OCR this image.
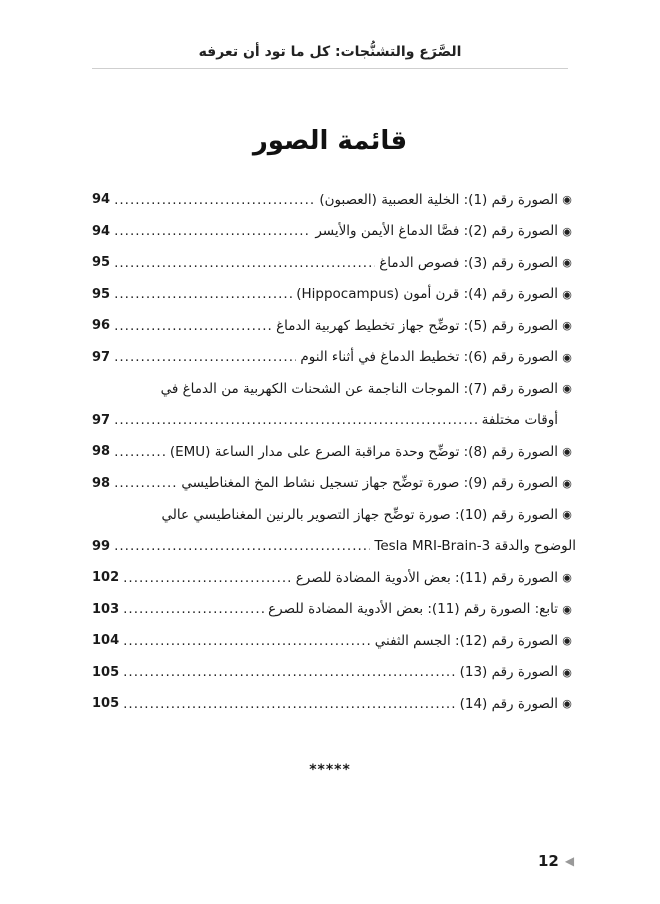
الصَّرَع والتشنُّجات: كل ما تود أن تعرفه
قائمة الصور
◉
الصورة رقم (1): الخلية العصبية (العصبون)
.....
94
◉
الصورة رقم (2): فصَّا الدماغ الأيمن والأيسر
.....
94
◉
الصورة رقم (3): فصوص الدماغ
.....
95
◉
الصورة رقم (4): قرن أمون (Hippocampus)
.....
95
◉
الصورة رقم (5): توضِّح جهاز تخطيط كهربية الدماغ
.....
96
◉
الصورة رقم (6): تخطيط الدماغ في أثناء النوم
.....
97
◉
الصورة رقم (7): الموجات الناجمة عن الشحنات الكهربية من الدماغ في
أوقات مختلفة
.....
97
◉
الصورة رقم (8): توضِّح وحدة مراقبة الصرع على مدار الساعة (EMU)
.....
98
◉
الصورة رقم (9): صورة توضِّح جهاز تسجيل نشاط المخ المغناطيسي
.....
98
◉
الصورة رقم (10): صورة توضِّح جهاز التصوير بالرنين المغناطيسي عالي
الوضوح والدقة 3-Tesla MRI-Brain
.....
99
◉
الصورة رقم (11): بعض الأدوية المضادة للصرع
.....
102
◉
تابع: الصورة رقم (11): بعض الأدوية المضادة للصرع
.....
103
◉
الصورة رقم (12): الجسم الثفني
.....
104
◉
الصورة رقم (13)
.....
105
◉
الصورة رقم (14)
.....
105
*****
12 ◀
